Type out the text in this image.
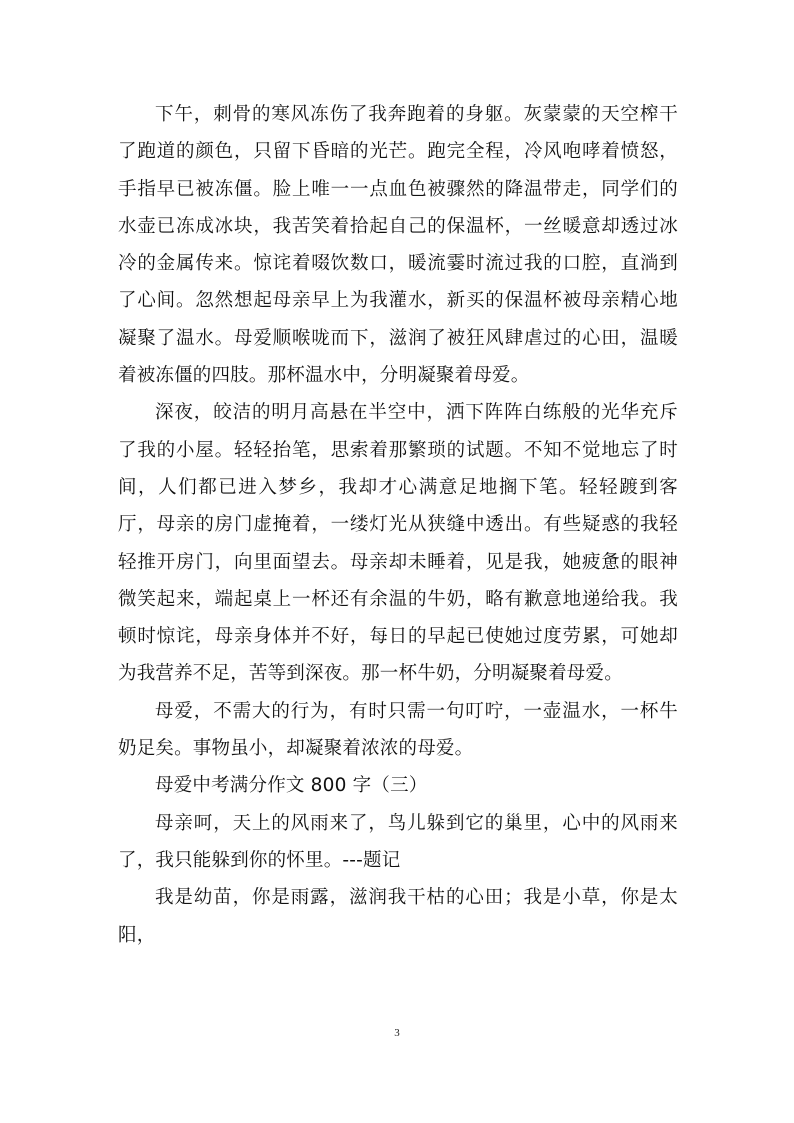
下午，刺骨的寒风冻伤了我奔跑着的身躯。灰蒙蒙的天空榨干了跑道的颜色，只留下昏暗的光芒。跑完全程，冷风咆哮着愤怒，手指早已被冻僵。脸上唯一一点血色被骤然的降温带走，同学们的水壶已冻成冰块，我苦笑着拾起自己的保温杯，一丝暖意却透过冰冷的金属传来。惊诧着啜饮数口，暖流霎时流过我的口腔，直淌到了心间。忽然想起母亲早上为我灌水，新买的保温杯被母亲精心地凝聚了温水。母爱顺喉咙而下，滋润了被狂风肆虐过的心田，温暖着被冻僵的四肢。那杯温水中，分明凝聚着母爱。

深夜，皎洁的明月高悬在半空中，洒下阵阵白练般的光华充斥了我的小屋。轻轻抬笔，思索着那繁琐的试题。不知不觉地忘了时间，人们都已进入梦乡，我却才心满意足地搁下笔。轻轻踱到客厅，母亲的房门虚掩着，一缕灯光从狭缝中透出。有些疑惑的我轻轻推开房门，向里面望去。母亲却未睡着，见是我，她疲惫的眼神微笑起来，端起桌上一杯还有余温的牛奶，略有歉意地递给我。我顿时惊诧，母亲身体并不好，每日的早起已使她过度劳累，可她却为我营养不足，苦等到深夜。那一杯牛奶，分明凝聚着母爱。

母爱，不需大的行为，有时只需一句叮咛，一壶温水，一杯牛奶足矣。事物虽小，却凝聚着浓浓的母爱。

母爱中考满分作文 800 字（三）

母亲呵，天上的风雨来了，鸟儿躲到它的巢里，心中的风雨来了，我只能躲到你的怀里。---题记

我是幼苗，你是雨露，滋润我干枯的心田；我是小草，你是太阳，

3
